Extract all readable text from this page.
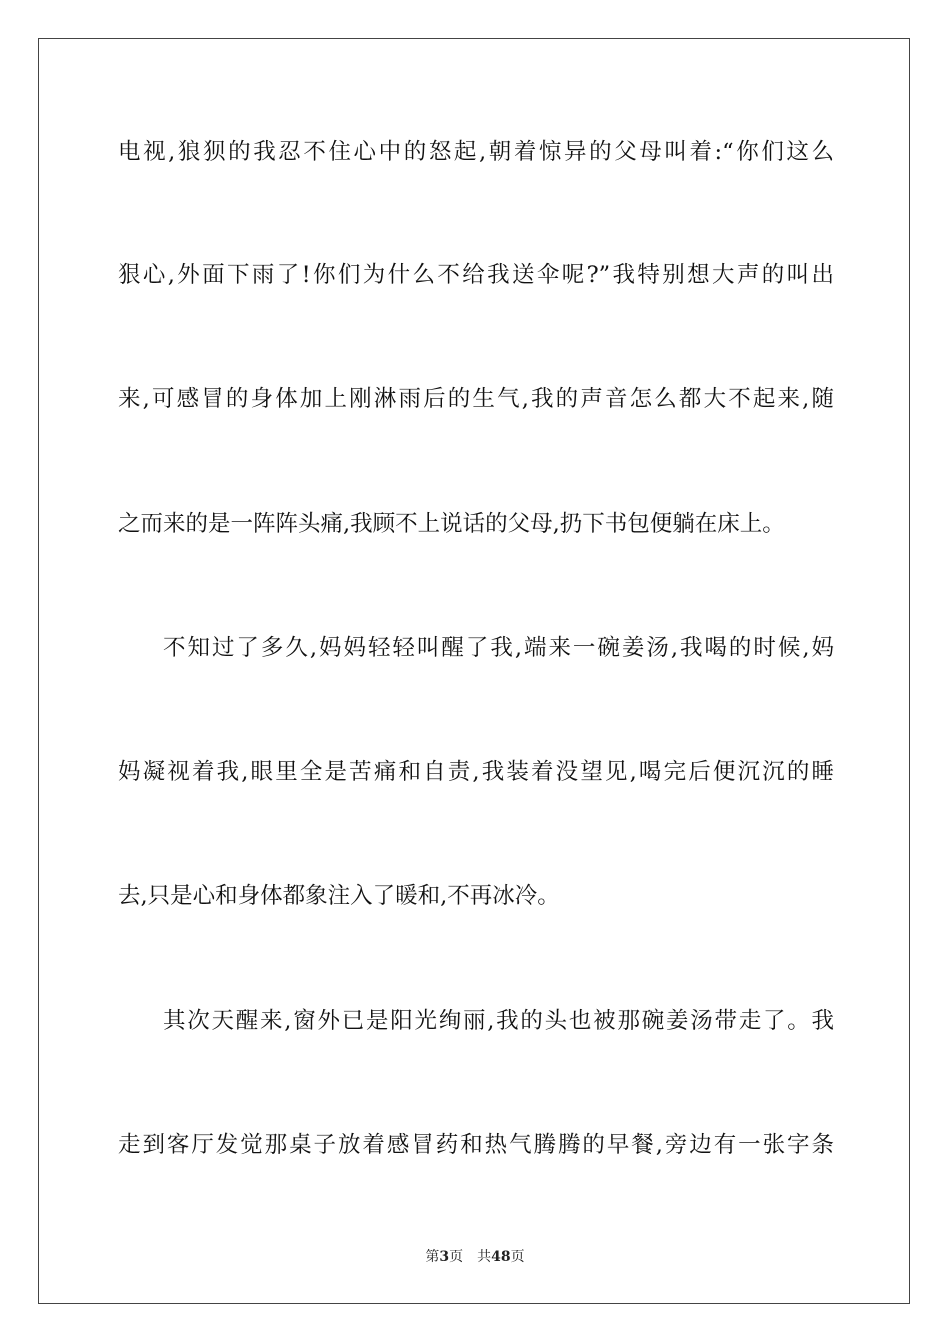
电视,狼狈的我忍不住心中的怒起,朝着惊异的父母叫着:“你们这么
狠心,外面下雨了!你们为什么不给我送伞呢?”我特别想大声的叫出
来,可感冒的身体加上刚淋雨后的生气,我的声音怎么都大不起来,随
之而来的是一阵阵头痛,我顾不上说话的父母,扔下书包便躺在床上。
不知过了多久,妈妈轻轻叫醒了我,端来一碗姜汤,我喝的时候,妈
妈凝视着我,眼里全是苦痛和自责,我装着没望见,喝完后便沉沉的睡
去,只是心和身体都象注入了暖和,不再冰冷。
其次天醒来,窗外已是阳光绚丽,我的头也被那碗姜汤带走了。我
走到客厅发觉那桌子放着感冒药和热气腾腾的早餐,旁边有一张字条
第3页 共48页
